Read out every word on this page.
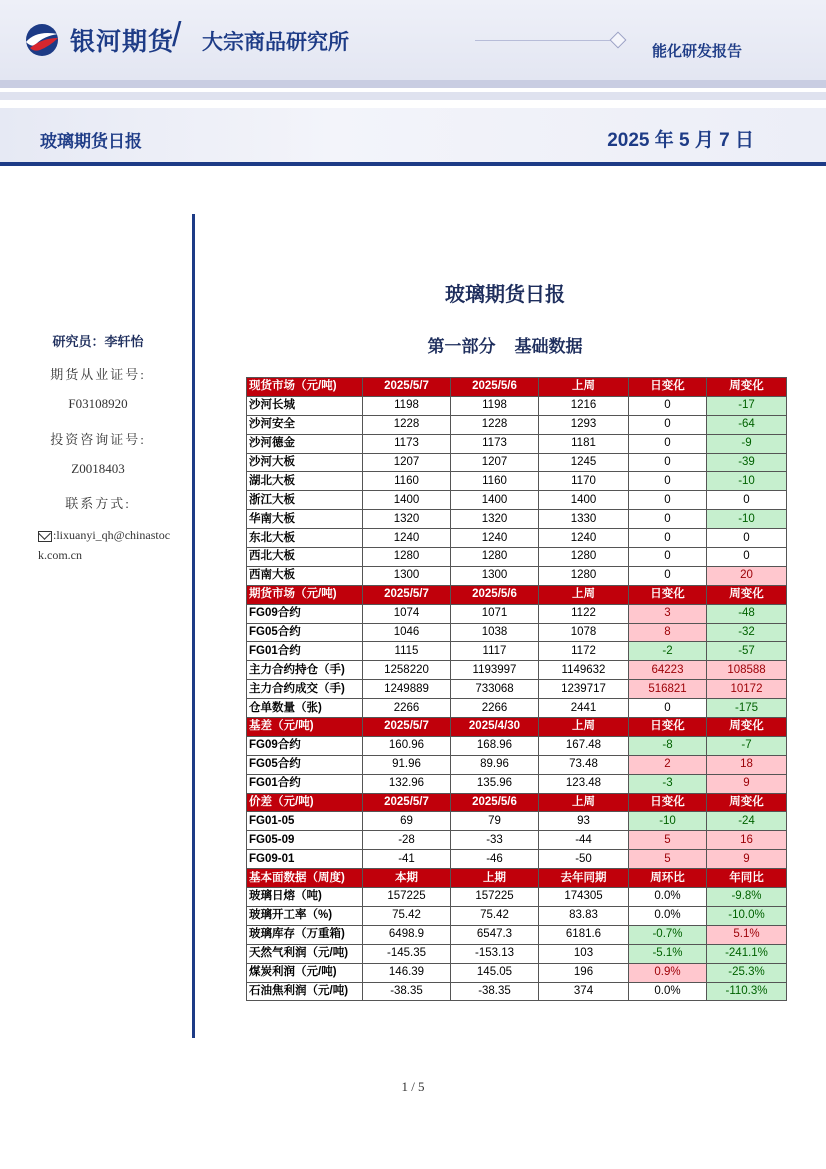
银河期货
/ 大宗商品研究所	能化研发报告
玻璃期货日报	2025 年 5 月 7 日
研究员：李轩怡
期货从业证号:
F03108920
投资咨询证号:
Z0018403
联系方式:
:lixuanyi_qh@chinastock.com.cn
玻璃期货日报
第一部分    基础数据
现货市场（元/吨)	2025/5/7	2025/5/6	上周	日变化	周变化
沙河长城	1198	1198	1216	0	-17
沙河安全	1228	1228	1293	0	-64
沙河德金	1173	1173	1181	0	-9
沙河大板	1207	1207	1245	0	-39
湖北大板	1160	1160	1170	0	-10
浙江大板	1400	1400	1400	0	0
华南大板	1320	1320	1330	0	-10
东北大板	1240	1240	1240	0	0
西北大板	1280	1280	1280	0	0
西南大板	1300	1300	1280	0	20
期货市场（元/吨)	2025/5/7	2025/5/6	上周	日变化	周变化
FG09合约	1074	1071	1122	3	-48
FG05合约	1046	1038	1078	8	-32
FG01合约	1115	1117	1172	-2	-57
主力合约持仓（手)	1258220	1193997	1149632	64223	108588
主力合约成交（手)	1249889	733068	1239717	516821	10172
仓单数量（张)	2266	2266	2441	0	-175
基差（元/吨)	2025/5/7	2025/4/30	上周	日变化	周变化
FG09合约	160.96	168.96	167.48	-8	-7
FG05合约	91.96	89.96	73.48	2	18
FG01合约	132.96	135.96	123.48	-3	9
价差（元/吨)	2025/5/7	2025/5/6	上周	日变化	周变化
FG01-05	69	79	93	-10	-24
FG05-09	-28	-33	-44	5	16
FG09-01	-41	-46	-50	5	9
基本面数据（周度)	本期	上期	去年同期	周环比	年同比
玻璃日熔（吨)	157225	157225	174305	0.0%	-9.8%
玻璃开工率（%)	75.42	75.42	83.83	0.0%	-10.0%
玻璃库存（万重箱)	6498.9	6547.3	6181.6	-0.7%	5.1%
天然气利润（元/吨)	-145.35	-153.13	103	-5.1%	-241.1%
煤炭利润（元/吨)	146.39	145.05	196	0.9%	-25.3%
石油焦利润（元/吨)	-38.35	-38.35	374	0.0%	-110.3%
1 / 5
